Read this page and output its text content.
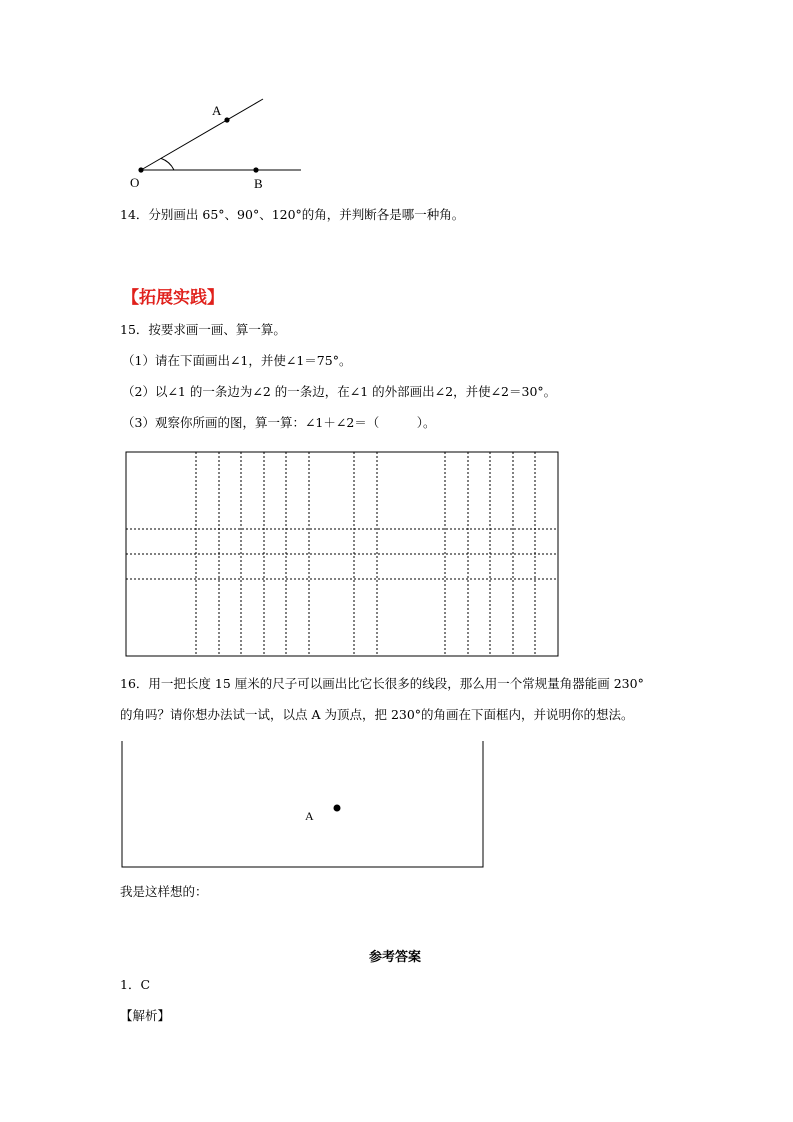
A
O	B
14．分别画出 65°、90°、120°的角，并判断各是哪一种角。
【拓展实践】
15．按要求画一画、算一算。
（1）请在下面画出∠1，并使∠1＝75°。
（2）以∠1 的一条边为∠2 的一条边，在∠1 的外部画出∠2，并使∠2＝30°。
（3）观察你所画的图，算一算：∠1＋∠2＝（　　　）。
16．用一把长度 15 厘米的尺子可以画出比它长很多的线段，那么用一个常规量角器能画 230°
的角吗？请你想办法试一试，以点 A 为顶点，把 230°的角画在下面框内，并说明你的想法。
A
我是这样想的：
参考答案
1．C
【解析】
